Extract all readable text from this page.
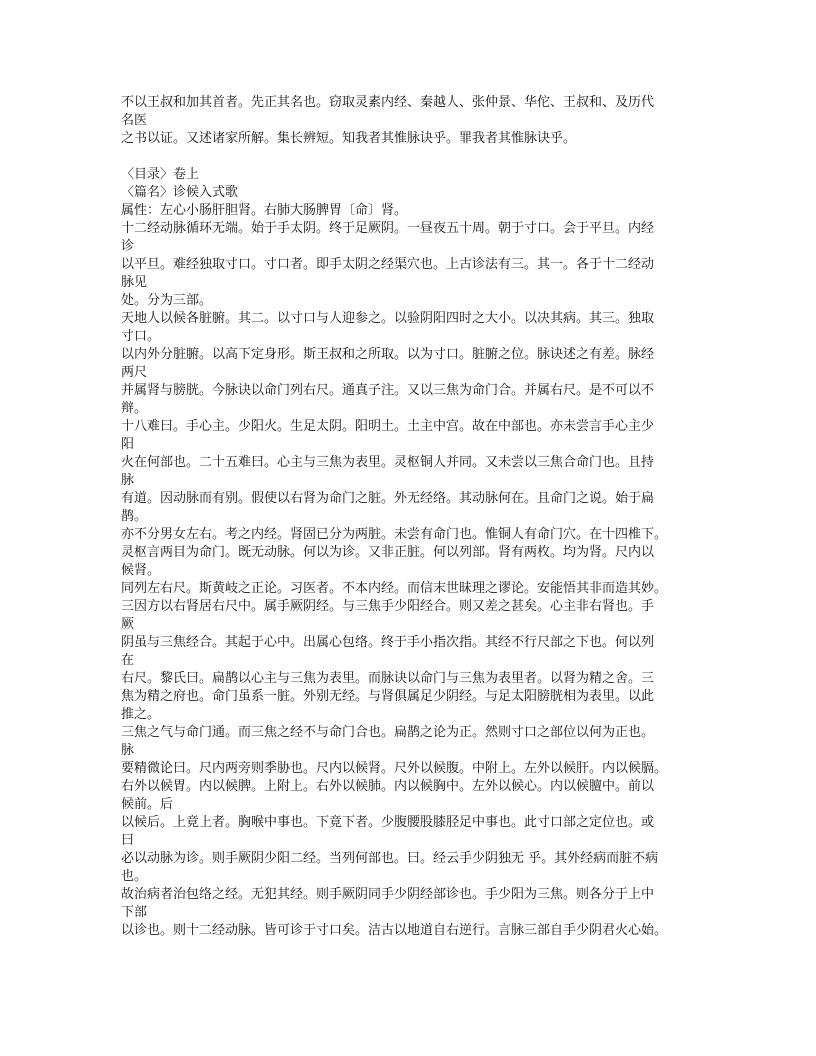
不以王叔和加其首者。先正其名也。窃取灵素内经、秦越人、张仲景、华佗、王叔和、及历代
名医
之书以证。又述诸家所解。集长辨短。知我者其惟脉诀乎。罪我者其惟脉诀乎。
〈目录〉卷上
〈篇名〉诊候入式歌
属性：左心小肠肝胆肾。右肺大肠脾胃〔命〕肾。
十二经动脉循环无端。始于手太阴。终于足厥阴。一昼夜五十周。朝于寸口。会于平旦。内经
诊
以平旦。难经独取寸口。寸口者。即手太阴之经渠穴也。上古诊法有三。其一。各于十二经动
脉见
处。分为三部。
天地人以候各脏腑。其二。以寸口与人迎参之。以验阴阳四时之大小。以决其病。其三。独取
寸口。
以内外分脏腑。以高下定身形。斯王叔和之所取。以为寸口。脏腑之位。脉诀述之有差。脉经
两尺
并属肾与膀胱。今脉诀以命门列右尺。通真子注。又以三焦为命门合。并属右尺。是不可以不
辩。
十八难曰。手心主。少阳火。生足太阴。阳明土。土主中宫。故在中部也。亦未尝言手心主少
阳
火在何部也。二十五难曰。心主与三焦为表里。灵枢铜人并同。又未尝以三焦合命门也。且持
脉
有道。因动脉而有别。假使以右肾为命门之脏。外无经络。其动脉何在。且命门之说。始于扁
鹊。
亦不分男女左右。考之内经。肾固已分为两脏。未尝有命门也。惟铜人有命门穴。在十四椎下。
灵枢言两目为命门。既无动脉。何以为诊。又非正脏。何以列部。肾有两枚。均为肾。尺内以
候肾。
同列左右尺。斯黄岐之正论。习医者。不本内经。而信末世昧理之谬论。安能悟其非而造其妙。
三因方以右肾居右尺中。属手厥阴经。与三焦手少阳经合。则又差之甚矣。心主非右肾也。手
厥
阴虽与三焦经合。其起于心中。出属心包络。终于手小指次指。其经不行尺部之下也。何以列
在
右尺。黎氏曰。扁鹊以心主与三焦为表里。而脉诀以命门与三焦为表里者。以肾为精之舍。三
焦为精之府也。命门虽系一脏。外别无经。与肾俱属足少阴经。与足太阳膀胱相为表里。以此
推之。
三焦之气与命门通。而三焦之经不与命门合也。扁鹊之论为正。然则寸口之部位以何为正也。
脉
要精微论曰。尺内两旁则季胁也。尺内以候肾。尺外以候腹。中附上。左外以候肝。内以候膈。
右外以候胃。内以候脾。上附上。右外以候肺。内以候胸中。左外以候心。内以候膻中。前以
候前。后
以候后。上竟上者。胸喉中事也。下竟下者。少腹腰股膝胫足中事也。此寸口部之定位也。或
曰
必以动脉为诊。则手厥阴少阳二经。当列何部也。曰。经云手少阴独无 乎。其外经病而脏不病
也。
故治病者治包络之经。无犯其经。则手厥阴同手少阴经部诊也。手少阳为三焦。则各分于上中
下部
以诊也。则十二经动脉。皆可诊于寸口矣。洁古以地道自右逆行。言脉三部自手少阴君火心始。
